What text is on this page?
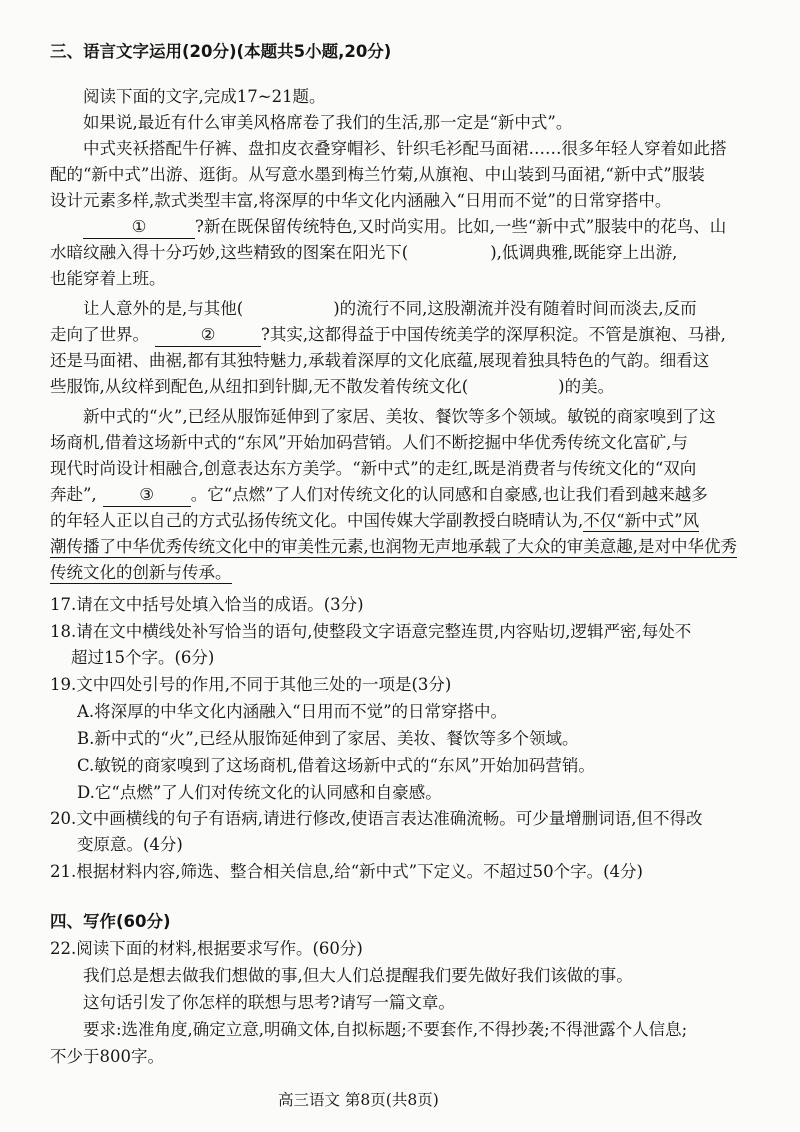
三、语言文字运用(20分)(本题共5小题,20分)
阅读下面的文字,完成17~21题。
如果说,最近有什么审美风格席卷了我们的生活,那一定是“新中式”。
中式夹袄搭配牛仔裤、盘扣皮衣叠穿帽衫、针织毛衫配马面裙……很多年轻人穿着如此搭
配的“新中式”出游、逛街。从写意水墨到梅兰竹菊,从旗袍、中山装到马面裙,“新中式”服装
设计元素多样,款式类型丰富,将深厚的中华文化内涵融入“日用而不觉”的日常穿搭中。
①	?新在既保留传统特色,又时尚实用。比如,一些“新中式”服装中的花鸟、山
水暗纹融入得十分巧妙,这些精致的图案在阳光下(	),低调典雅,既能穿上出游,
也能穿着上班。
让人意外的是,与其他(	)的流行不同,这股潮流并没有随着时间而淡去,反而
走向了世界。	②	?其实,这都得益于中国传统美学的深厚积淀。不管是旗袍、马褂,
还是马面裙、曲裾,都有其独特魅力,承载着深厚的文化底蕴,展现着独具特色的气韵。细看这
些服饰,从纹样到配色,从纽扣到针脚,无不散发着传统文化(	)的美。
新中式的“火”,已经从服饰延伸到了家居、美妆、餐饮等多个领域。敏锐的商家嗅到了这
场商机,借着这场新中式的“东风”开始加码营销。人们不断挖掘中华优秀传统文化富矿,与
现代时尚设计相融合,创意表达东方美学。“新中式”的走红,既是消费者与传统文化的“双向
奔赴”,	③ 。它“点燃”了人们对传统文化的认同感和自豪感,也让我们看到越来越多
的年轻人正以自己的方式弘扬传统文化。中国传媒大学副教授白晓晴认为,不仅“新中式”风
潮传播了中华优秀传统文化中的审美性元素,也润物无声地承载了大众的审美意趣,是对中华优秀
传统文化的创新与传承。
17.请在文中括号处填入恰当的成语。(3分)
18.请在文中横线处补写恰当的语句,使整段文字语意完整连贯,内容贴切,逻辑严密,每处不
超过15个字。(6分)
19.文中四处引号的作用,不同于其他三处的一项是(3分)
A.将深厚的中华文化内涵融入“日用而不觉”的日常穿搭中。
B.新中式的“火”,已经从服饰延伸到了家居、美妆、餐饮等多个领域。
C.敏锐的商家嗅到了这场商机,借着这场新中式的“东风”开始加码营销。
D.它“点燃”了人们对传统文化的认同感和自豪感。
20.文中画横线的句子有语病,请进行修改,使语言表达准确流畅。可少量增删词语,但不得改
变原意。(4分)
21.根据材料内容,筛选、整合相关信息,给“新中式”下定义。不超过50个字。(4分)
四、写作(60分)
22.阅读下面的材料,根据要求写作。(60分)
我们总是想去做我们想做的事,但大人们总提醒我们要先做好我们该做的事。
这句话引发了你怎样的联想与思考?请写一篇文章。
要求:选准角度,确定立意,明确文体,自拟标题;不要套作,不得抄袭;不得泄露个人信息;
不少于800字。
高三语文 第8页(共8页)
